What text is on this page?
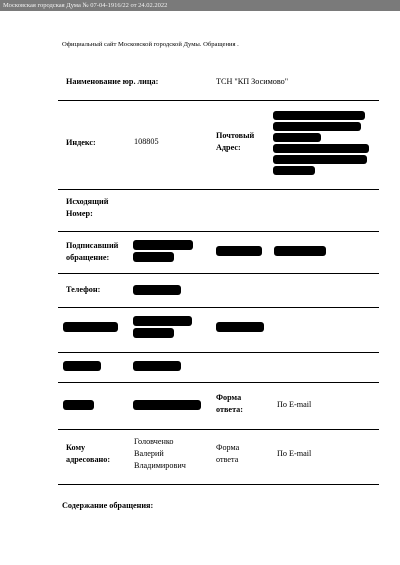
Московская городская Дума № 07-04-1916/22 от 24.02.2022
Официальный сайт Московской городской Думы. Обращения .
Наименование юр. лица:	ТСН "КП Зосимово"
Индекс:	108805
Почтовый
Адрес:
Исходящий
Номер:
Подписавший
обращение:
Телефон:
Форма
ответа:
По E-mail
Кому
адресовано:
Головченко
Валерий
Владимирович
Форма
ответа
По E-mail
Содержание обращения:
